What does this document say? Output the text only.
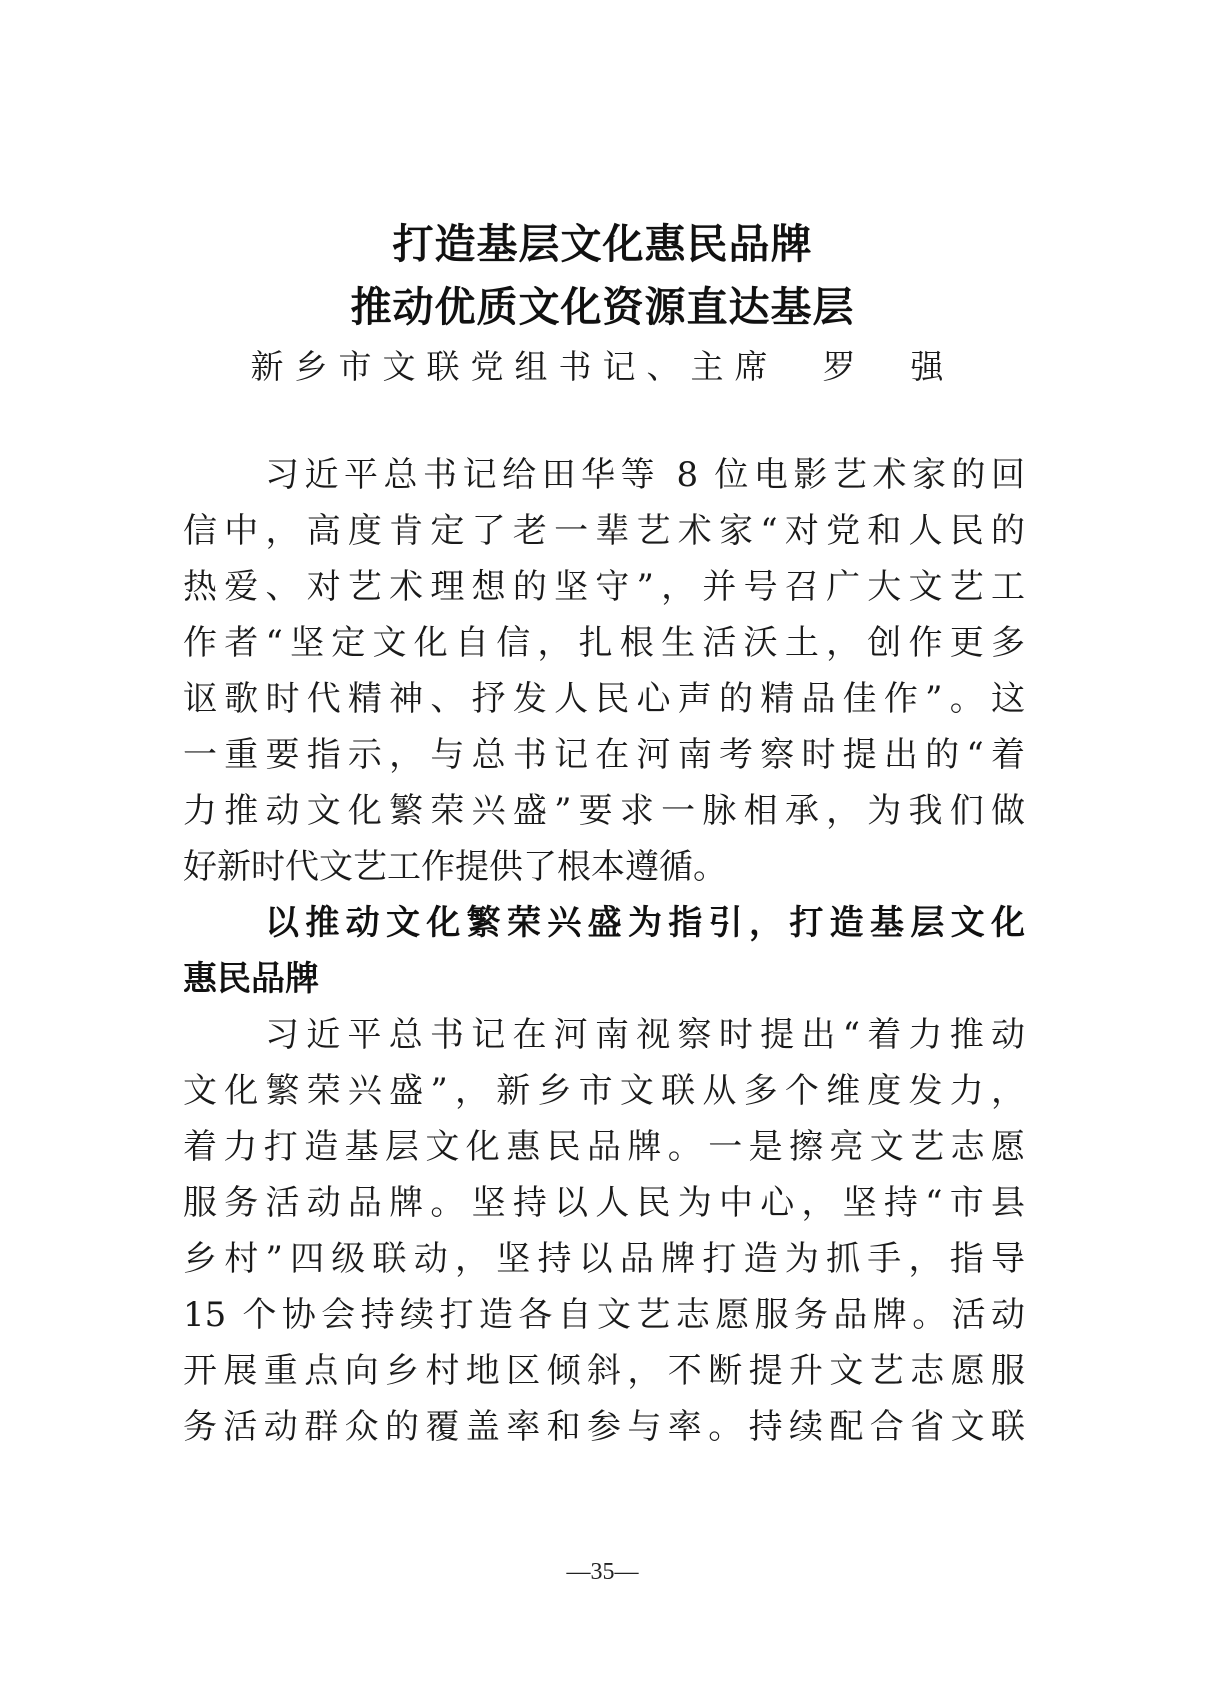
打造基层文化惠民品牌
推动优质文化资源直达基层
新乡市文联党组书记、主席　罗　强
习近平总书记给田华等 8 位电影艺术家的回
信中，高度肯定了老一辈艺术家“对党和人民的
热爱、对艺术理想的坚守”，并号召广大文艺工
作者“坚定文化自信，扎根生活沃土，创作更多
讴歌时代精神、抒发人民心声的精品佳作”。这
一重要指示，与总书记在河南考察时提出的“着
力推动文化繁荣兴盛”要求一脉相承，为我们做
好新时代文艺工作提供了根本遵循。
以推动文化繁荣兴盛为指引，打造基层文化
惠民品牌
习近平总书记在河南视察时提出“着力推动
文化繁荣兴盛”，新乡市文联从多个维度发力，
着力打造基层文化惠民品牌。一是擦亮文艺志愿
服务活动品牌。坚持以人民为中心，坚持“市县
乡村”四级联动，坚持以品牌打造为抓手，指导
15 个协会持续打造各自文艺志愿服务品牌。活动
开展重点向乡村地区倾斜，不断提升文艺志愿服
务活动群众的覆盖率和参与率。持续配合省文联
—35—
